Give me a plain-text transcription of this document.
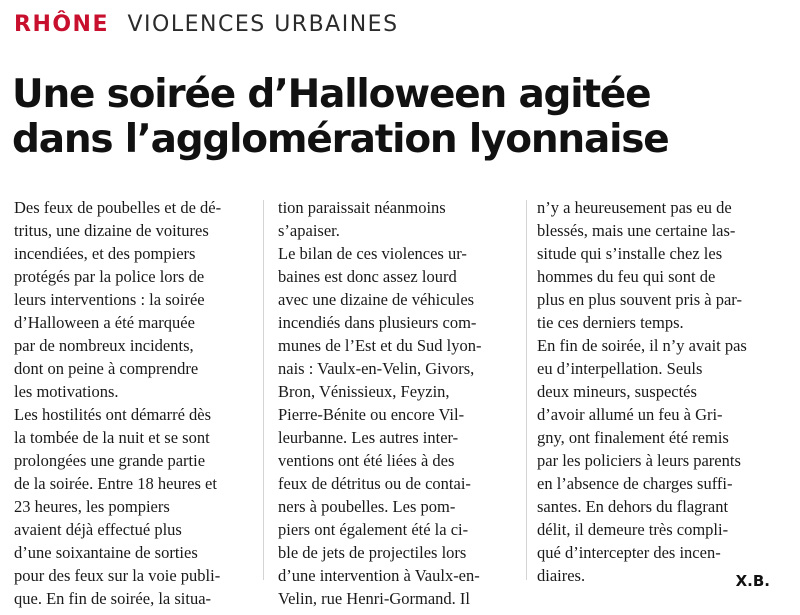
RHÔNE VIOLENCES URBAINES
Une soirée d’Halloween agitée
dans l’agglomération lyonnaise
Des feux de poubelles et de dé-
tritus, une dizaine de voitures
incendiées, et des pompiers
protégés par la police lors de
leurs interventions : la soirée
d’Halloween a été marquée
par de nombreux incidents,
dont on peine à comprendre
les motivations.
Les hostilités ont démarré dès
la tombée de la nuit et se sont
prolongées une grande partie
de la soirée. Entre 18 heures et
23 heures, les pompiers
avaient déjà effectué plus
d’une soixantaine de sorties
pour des feux sur la voie publi-
que. En fin de soirée, la situa-
tion paraissait néanmoins
s’apaiser.
Le bilan de ces violences ur-
baines est donc assez lourd
avec une dizaine de véhicules
incendiés dans plusieurs com-
munes de l’Est et du Sud lyon-
nais : Vaulx-en-Velin, Givors,
Bron, Vénissieux, Feyzin,
Pierre-Bénite ou encore Vil-
leurbanne. Les autres inter-
ventions ont été liées à des
feux de détritus ou de contai-
ners à poubelles. Les pom-
piers ont également été la ci-
ble de jets de projectiles lors
d’une intervention à Vaulx-en-
Velin, rue Henri-Gormand. Il
n’y a heureusement pas eu de
blessés, mais une certaine las-
situde qui s’installe chez les
hommes du feu qui sont de
plus en plus souvent pris à par-
tie ces derniers temps.
En fin de soirée, il n’y avait pas
eu d’interpellation. Seuls
deux mineurs, suspectés
d’avoir allumé un feu à Gri-
gny, ont finalement été remis
par les policiers à leurs parents
en l’absence de charges suffi-
santes. En dehors du flagrant
délit, il demeure très compli-
qué d’intercepter des incen-
diaires.	X.B.
